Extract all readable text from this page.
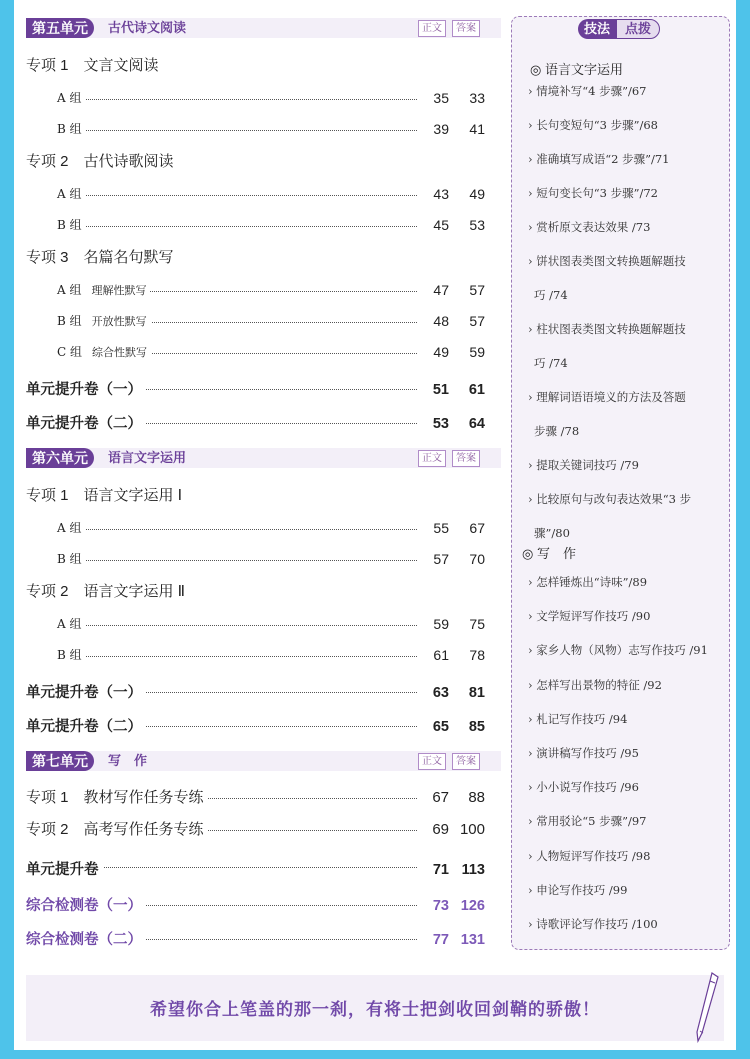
第五单元	古代诗文阅读	正文	答案
专项 1　文言文阅读
A 组	35	33
B 组	39	41
专项 2　古代诗歌阅读
A 组	43	49
B 组	45	53
专项 3　名篇名句默写
A 组 理解性默写	47	57
B 组 开放性默写	48	57
C 组 综合性默写	49	59
单元提升卷（一）	51	61
单元提升卷（二）	53	64
第六单元	语言文字运用	正文	答案
专项 1　语言文字运用 Ⅰ
A 组	55	67
B 组	57	70
专项 2　语言文字运用 Ⅱ
A 组	59	75
B 组	61	78
单元提升卷（一）	63	81
单元提升卷（二）	65	85
第七单元	写　作	正文	答案
专项 1　教材写作任务专练	67	88
专项 2　高考写作任务专练	69 100
单元提升卷	71 113
综合检测卷（一）	73 126
综合检测卷（二）	77 131
技法	点拨
◎ 语言文字运用
› 情境补写“4 步骤”/67
› 长句变短句“3 步骤”/68
› 准确填写成语“2 步骤”/71
› 短句变长句“3 步骤”/72
› 赏析原文表达效果 /73
› 饼状图表类图文转换题解题技
巧 /74
› 柱状图表类图文转换题解题技
巧 /74
› 理解词语语境义的方法及答题
步骤 /78
› 提取关键词技巧 /79
› 比较原句与改句表达效果“3 步
骤”/80
◎ 写　作
› 怎样锤炼出“诗味”/89
› 文学短评写作技巧 /90
› 家乡人物（风物）志写作技巧 /91
› 怎样写出景物的特征 /92
› 札记写作技巧 /94
› 演讲稿写作技巧 /95
› 小小说写作技巧 /96
› 常用驳论“5 步骤”/97
› 人物短评写作技巧 /98
› 申论写作技巧 /99
› 诗歌评论写作技巧 /100
希望你合上笔盖的那一刹，有将士把剑收回剑鞘的骄傲！
